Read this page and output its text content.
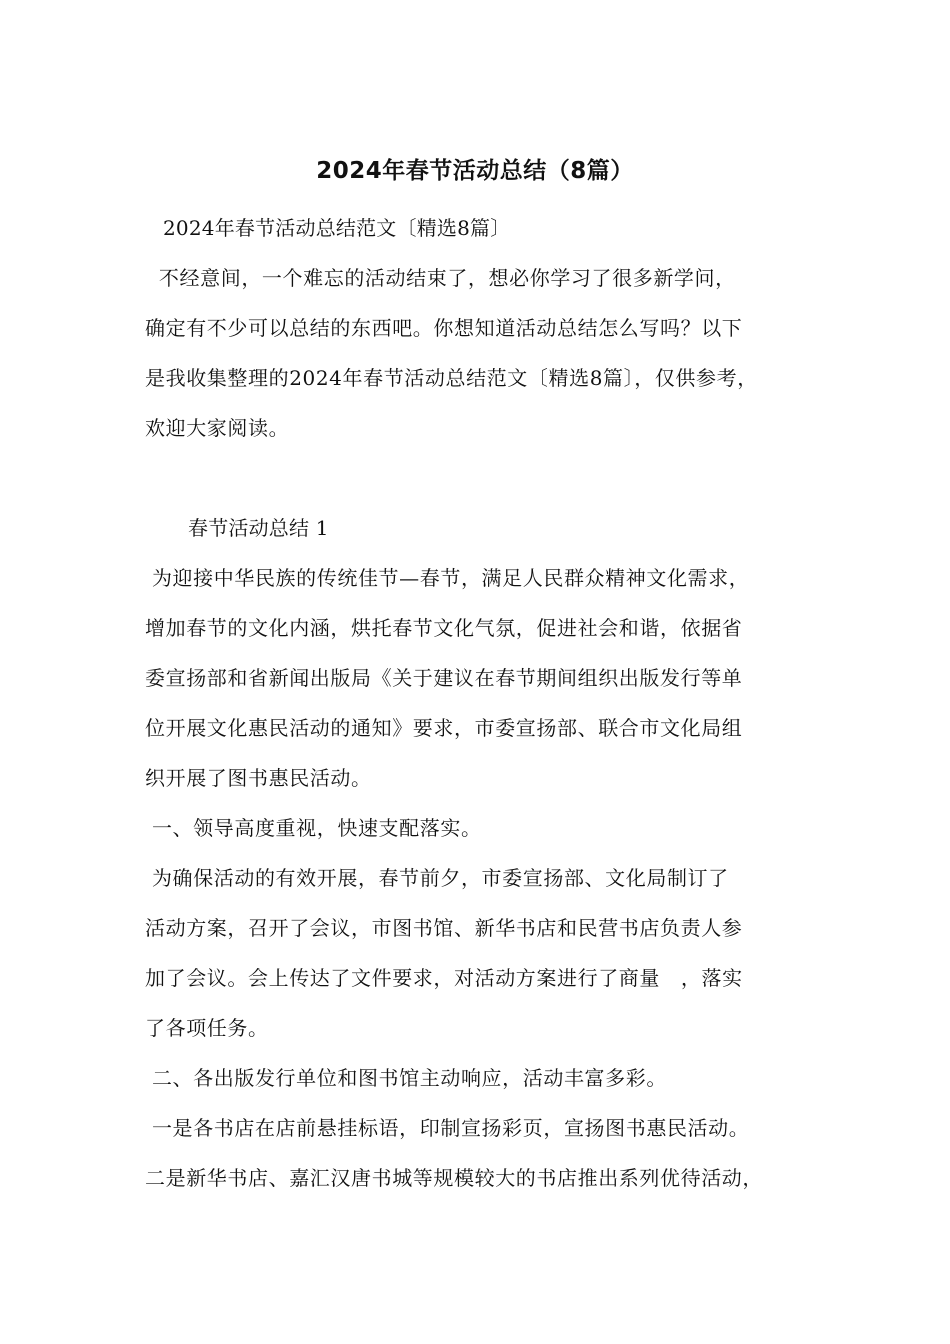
2024年春节活动总结（8篇）
2024年春节活动总结范文〔精选8篇〕
不经意间，一个难忘的活动结束了，想必你学习了很多新学问，
确定有不少可以总结的东西吧。你想知道活动总结怎么写吗？以下
是我收集整理的2024年春节活动总结范文〔精选8篇〕，仅供参考，
欢迎大家阅读。
春节活动总结 1
为迎接中华民族的传统佳节—春节，满足人民群众精神文化需求，
增加春节的文化内涵，烘托春节文化气氛，促进社会和谐，依据省
委宣扬部和省新闻出版局《关于建议在春节期间组织出版发行等单
位开展文化惠民活动的通知》要求，市委宣扬部、联合市文化局组
织开展了图书惠民活动。
一、领导高度重视，快速支配落实。
为确保活动的有效开展，春节前夕，市委宣扬部、文化局制订了
活动方案，召开了会议，市图书馆、新华书店和民营书店负责人参
加了会议。会上传达了文件要求，对活动方案进行了商量   ，落实
了各项任务。
二、各出版发行单位和图书馆主动响应，活动丰富多彩。
一是各书店在店前悬挂标语，印制宣扬彩页，宣扬图书惠民活动。
二是新华书店、嘉汇汉唐书城等规模较大的书店推出系列优待活动，
